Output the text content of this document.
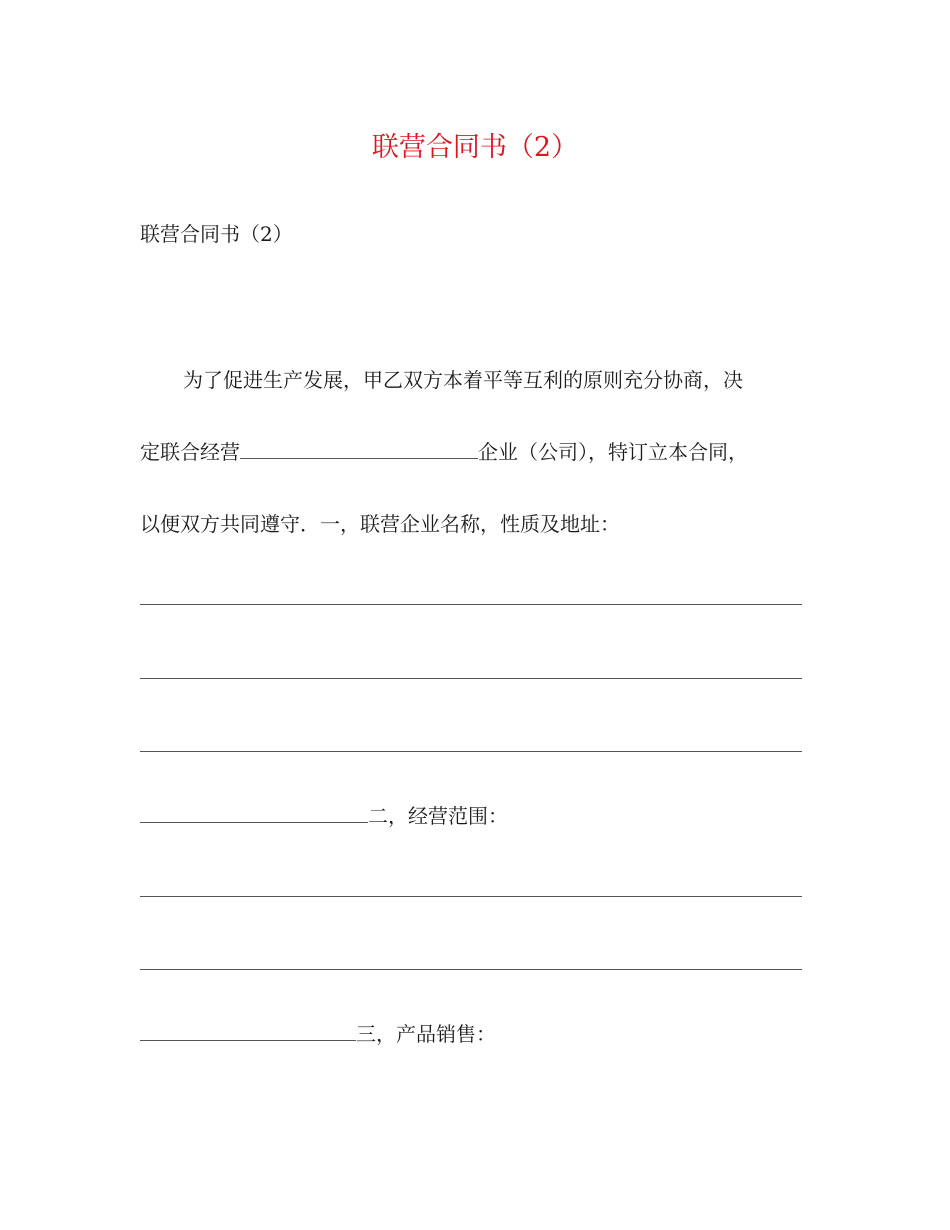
联营合同书（2）
联营合同书（2）
为了促进生产发展，甲乙双方本着平等互利的原则充分协商，决
定联合经营	企业（公司），特订立本合同，
以便双方共同遵守．一，联营企业名称，性质及地址：
二，经营范围：
三，产品销售：
